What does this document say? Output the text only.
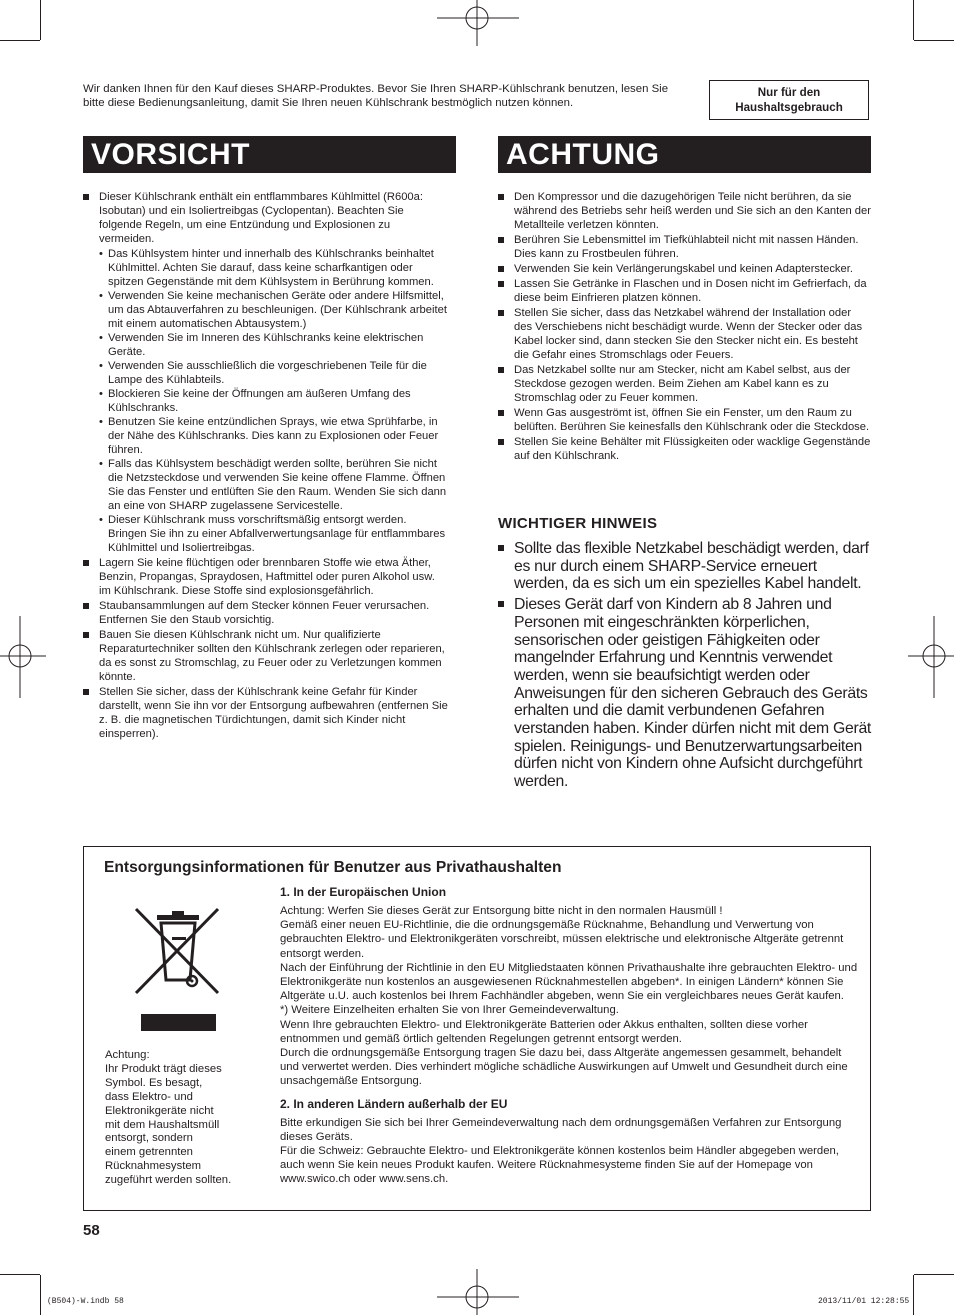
Wir danken Ihnen für den Kauf dieses SHARP-Produktes. Bevor Sie Ihren SHARP-Kühlschrank benutzen, lesen Sie bitte diese Bedienungsanleitung, damit Sie Ihren neuen Kühlschrank bestmöglich nutzen können.
Nur für den
Haushaltsgebrauch
VORSICHT	ACHTUNG
Dieser Kühlschrank enthält ein entflammbares Kühlmittel (R600a: Isobutan) und ein Isoliertreibgas (Cyclopentan). Beachten Sie folgende Regeln, um eine Entzündung und Explosionen zu vermeiden.
• Das Kühlsystem hinter und innerhalb des Kühlschranks beinhaltet Kühlmittel. Achten Sie darauf, dass keine scharfkantigen oder spitzen Gegenstände mit dem Kühlsystem in Berührung kommen.
• Verwenden Sie keine mechanischen Geräte oder andere Hilfsmittel, um das Abtauverfahren zu beschleunigen. (Der Kühlschrank arbeitet mit einem automatischen Abtausystem.)
• Verwenden Sie im Inneren des Kühlschranks keine elektrischen Geräte.
• Verwenden Sie ausschließlich die vorgeschriebenen Teile für die Lampe des Kühlabteils.
• Blockieren Sie keine der Öffnungen am äußeren Umfang des Kühlschranks.
• Benutzen Sie keine entzündlichen Sprays, wie etwa Sprühfarbe, in der Nähe des Kühlschranks. Dies kann zu Explosionen oder Feuer führen.
• Falls das Kühlsystem beschädigt werden sollte, berühren Sie nicht die Netzsteckdose und verwenden Sie keine offene Flamme. Öffnen Sie das Fenster und entlüften Sie den Raum. Wenden Sie sich dann an eine von SHARP zugelassene Servicestelle.
• Dieser Kühlschrank muss vorschriftsmäßig entsorgt werden. Bringen Sie ihn zu einer Abfallverwertungsanlage für entflammbares Kühlmittel und Isoliertreibgas.
Lagern Sie keine flüchtigen oder brennbaren Stoffe wie etwa Äther, Benzin, Propangas, Spraydosen, Haftmittel oder puren Alkohol usw. im Kühlschrank. Diese Stoffe sind explosionsgefährlich.
Staubansammlungen auf dem Stecker können Feuer verursachen. Entfernen Sie den Staub vorsichtig.
Bauen Sie diesen Kühlschrank nicht um. Nur qualifizierte Reparaturtechniker sollten den Kühlschrank zerlegen oder reparieren, da es sonst zu Stromschlag, zu Feuer oder zu Verletzungen kommen könnte.
Stellen Sie sicher, dass der Kühlschrank keine Gefahr für Kinder darstellt, wenn Sie ihn vor der Entsorgung aufbewahren (entfernen Sie z. B. die magnetischen Türdichtungen, damit sich Kinder nicht einsperren).
Den Kompressor und die dazugehörigen Teile nicht berühren, da sie während des Betriebs sehr heiß werden und Sie sich an den Kanten der Metallteile verletzen könnten.
Berühren Sie Lebensmittel im Tiefkühlabteil nicht mit nassen Händen. Dies kann zu Frostbeulen führen.
Verwenden Sie kein Verlängerungskabel und keinen Adapterstecker.
Lassen Sie Getränke in Flaschen und in Dosen nicht im Gefrierfach, da diese beim Einfrieren platzen können.
Stellen Sie sicher, dass das Netzkabel während der Installation oder des Verschiebens nicht beschädigt wurde. Wenn der Stecker oder das Kabel locker sind, dann stecken Sie den Stecker nicht ein. Es besteht die Gefahr eines Stromschlags oder Feuers.
Das Netzkabel sollte nur am Stecker, nicht am Kabel selbst, aus der Steckdose gezogen werden. Beim Ziehen am Kabel kann es zu Stromschlag oder zu Feuer kommen.
Wenn Gas ausgeströmt ist, öffnen Sie ein Fenster, um den Raum zu belüften. Berühren Sie keinesfalls den Kühlschrank oder die Steckdose.
Stellen Sie keine Behälter mit Flüssigkeiten oder wacklige Gegenstände auf den Kühlschrank.
WICHTIGER HINWEIS
Sollte das flexible Netzkabel beschädigt werden, darf es nur durch einem SHARP-Service erneuert werden, da es sich um ein spezielles Kabel handelt.
Dieses Gerät darf von Kindern ab 8 Jahren und Personen mit eingeschränkten körperlichen, sensorischen oder geistigen Fähigkeiten oder mangelnder Erfahrung und Kenntnis verwendet werden, wenn sie beaufsichtigt werden oder Anweisungen für den sicheren Gebrauch des Geräts erhalten und die damit verbundenen Gefahren verstanden haben. Kinder dürfen nicht mit dem Gerät spielen. Reinigungs- und Benutzerwartungsarbeiten dürfen nicht von Kindern ohne Aufsicht durchgeführt werden.
Entsorgungsinformationen für Benutzer aus Privathaushalten
Achtung:
Ihr Produkt trägt dieses
Symbol. Es besagt,
dass Elektro- und
Elektronikgeräte nicht
mit dem Haushaltsmüll
entsorgt, sondern
einem getrennten
Rücknahmesystem
zugeführt werden sollten.
1. In der Europäischen Union
Achtung: Werfen Sie dieses Gerät zur Entsorgung bitte nicht in den normalen Hausmüll !
Gemäß einer neuen EU-Richtlinie, die die ordnungsgemäße Rücknahme, Behandlung und Verwertung von gebrauchten Elektro- und Elektronikgeräten vorschreibt, müssen elektrische und elektronische Altgeräte getrennt entsorgt werden.
Nach der Einführung der Richtlinie in den EU Mitgliedstaaten können Privathaushalte ihre gebrauchten Elektro- und Elektronikgeräte nun kostenlos an ausgewiesenen Rücknahmestellen abgeben*. In einigen Ländern* können Sie Altgeräte u.U. auch kostenlos bei Ihrem Fachhändler abgeben, wenn Sie ein vergleichbares neues Gerät kaufen.
*) Weitere Einzelheiten erhalten Sie von Ihrer Gemeindeverwaltung.
Wenn Ihre gebrauchten Elektro- und Elektronikgeräte Batterien oder Akkus enthalten, sollten diese vorher entnommen und gemäß örtlich geltenden Regelungen getrennt entsorgt werden.
Durch die ordnungsgemäße Entsorgung tragen Sie dazu bei, dass Altgeräte angemessen gesammelt, behandelt und verwertet werden. Dies verhindert mögliche schädliche Auswirkungen auf Umwelt und Gesundheit durch eine unsachgemäße Entsorgung.
2. In anderen Ländern außerhalb der EU
Bitte erkundigen Sie sich bei Ihrer Gemeindeverwaltung nach dem ordnungsgemäßen Verfahren zur Entsorgung dieses Geräts.
Für die Schweiz: Gebrauchte Elektro- und Elektronikgeräte können kostenlos beim Händler abgegeben werden, auch wenn Sie kein neues Produkt kaufen. Weitere Rücknahmesysteme finden Sie auf der Homepage von www.swico.ch oder www.sens.ch.
58
(B504)-W.indb 58	2013/11/01 12:28:55
